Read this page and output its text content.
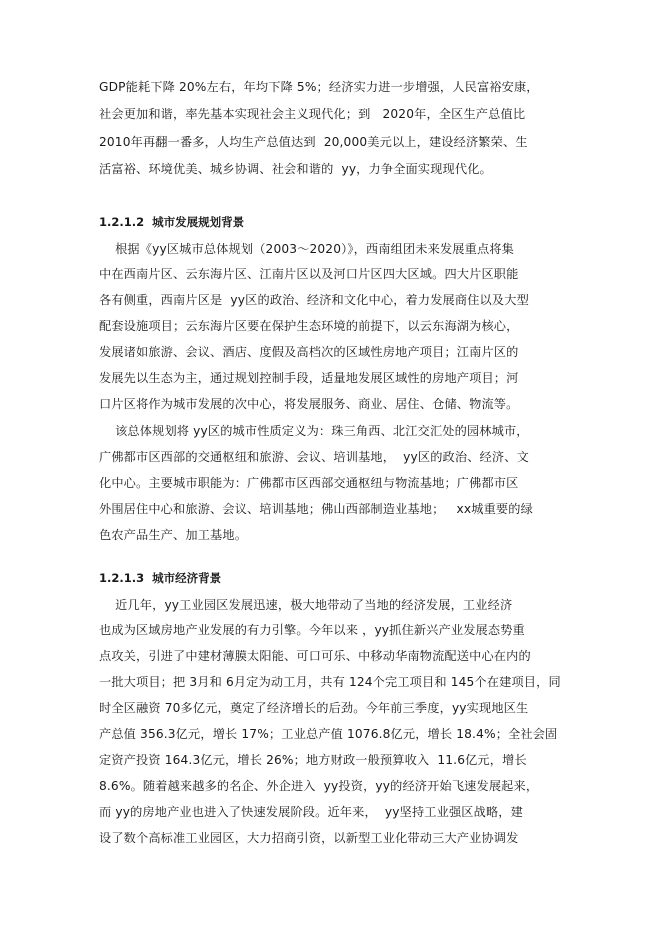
GDP能耗下降 20%左右，年均下降 5%；经济实力进一步增强，人民富裕安康，

社会更加和谐，率先基本实现社会主义现代化；到   2020年，全区生产总值比

2010年再翻一番多，人均生产总值达到  20,000美元以上，建设经济繁荣、生

活富裕、环境优美、城乡协调、社会和谐的  yy，力争全面实现现代化。

1.2.1.2  城市发展规划背景

根据《yy区城市总体规划（2003～2020）》，西南组团未来发展重点将集

中在西南片区、云东海片区、江南片区以及河口片区四大区域。四大片区职能

各有侧重，西南片区是  yy区的政治、经济和文化中心，着力发展商住以及大型

配套设施项目；云东海片区要在保护生态环境的前提下，以云东海湖为核心，

发展诸如旅游、会议、酒店、度假及高档次的区域性房地产项目；江南片区的

发展先以生态为主，通过规划控制手段，适量地发展区域性的房地产项目；河

口片区将作为城市发展的次中心，将发展服务、商业、居住、仓储、物流等。

该总体规划将 yy区的城市性质定义为：珠三角西、北江交汇处的园林城市，

广佛都市区西部的交通枢纽和旅游、会议、培训基地，  yy区的政治、经济、文

化中心。主要城市职能为：广佛都市区西部交通枢纽与物流基地；广佛都市区

外围居住中心和旅游、会议、培训基地；佛山西部制造业基地；   xx城重要的绿

色农产品生产、加工基地。

1.2.1.3  城市经济背景

近几年，yy工业园区发展迅速，极大地带动了当地的经济发展，工业经济

也成为区域房地产业发展的有力引擎。今年以来 ，yy抓住新兴产业发展态势重

点攻关，引进了中建材薄膜太阳能、可口可乐、中移动华南物流配送中心在内的

一批大项目；把 3月和 6月定为动工月，共有 124个完工项目和 145个在建项目，同

时全区融资 70多亿元，奠定了经济增长的后劲。今年前三季度，yy实现地区生

产总值 356.3亿元，增长 17%；工业总产值 1076.8亿元，增长 18.4%；全社会固

定资产投资 164.3亿元，增长 26%；地方财政一般预算收入  11.6亿元，增长

8.6%。随着越来越多的名企、外企进入  yy投资，yy的经济开始飞速发展起来，

而 yy的房地产业也进入了快速发展阶段。近年来，  yy坚持工业强区战略，建

设了数个高标准工业园区，大力招商引资，以新型工业化带动三大产业协调发
